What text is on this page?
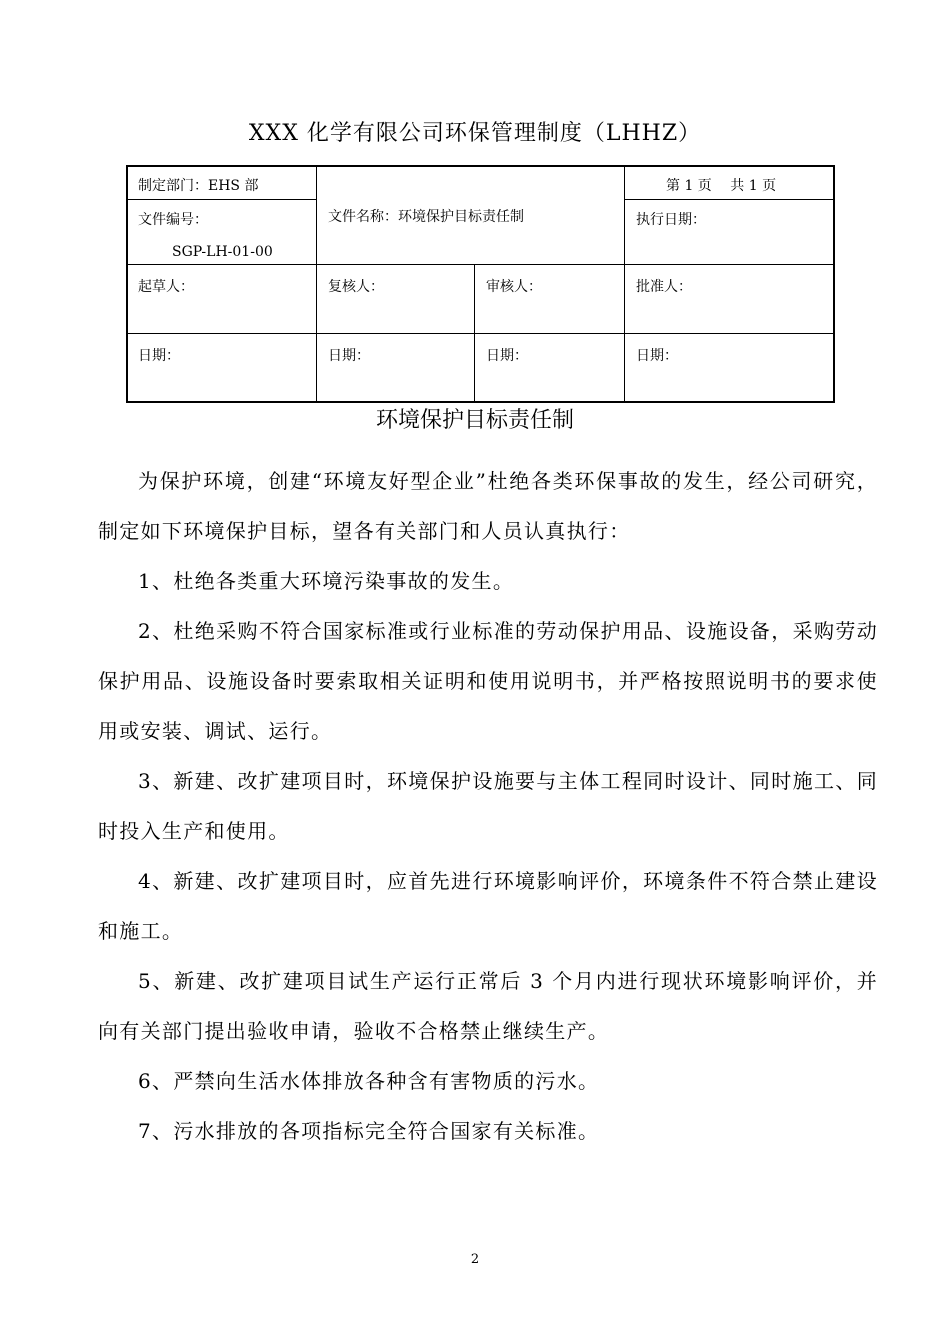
XXX 化学有限公司环保管理制度（LHHZ）
制定部门：EHS 部
文件编号：
SGP-LH-01-00
文件名称：环境保护目标责任制
第 1 页　 共 1 页
执行日期：
起草人：	复核人：	审核人：	批准人：
日期：	日期：	日期：	日期：
环境保护目标责任制

为保护环境，创建“环境友好型企业”杜绝各类环保事故的发生，经公司研究，制定如下环境保护目标，望各有关部门和人员认真执行：

1、杜绝各类重大环境污染事故的发生。

2、杜绝采购不符合国家标准或行业标准的劳动保护用品、设施设备，采购劳动保护用品、设施设备时要索取相关证明和使用说明书，并严格按照说明书的要求使用或安装、调试、运行。

3、新建、改扩建项目时，环境保护设施要与主体工程同时设计、同时施工、同时投入生产和使用。

4、新建、改扩建项目时，应首先进行环境影响评价，环境条件不符合禁止建设和施工。

5、新建、改扩建项目试生产运行正常后 3 个月内进行现状环境影响评价，并向有关部门提出验收申请，验收不合格禁止继续生产。

6、严禁向生活水体排放各种含有害物质的污水。

7、污水排放的各项指标完全符合国家有关标准。

2
